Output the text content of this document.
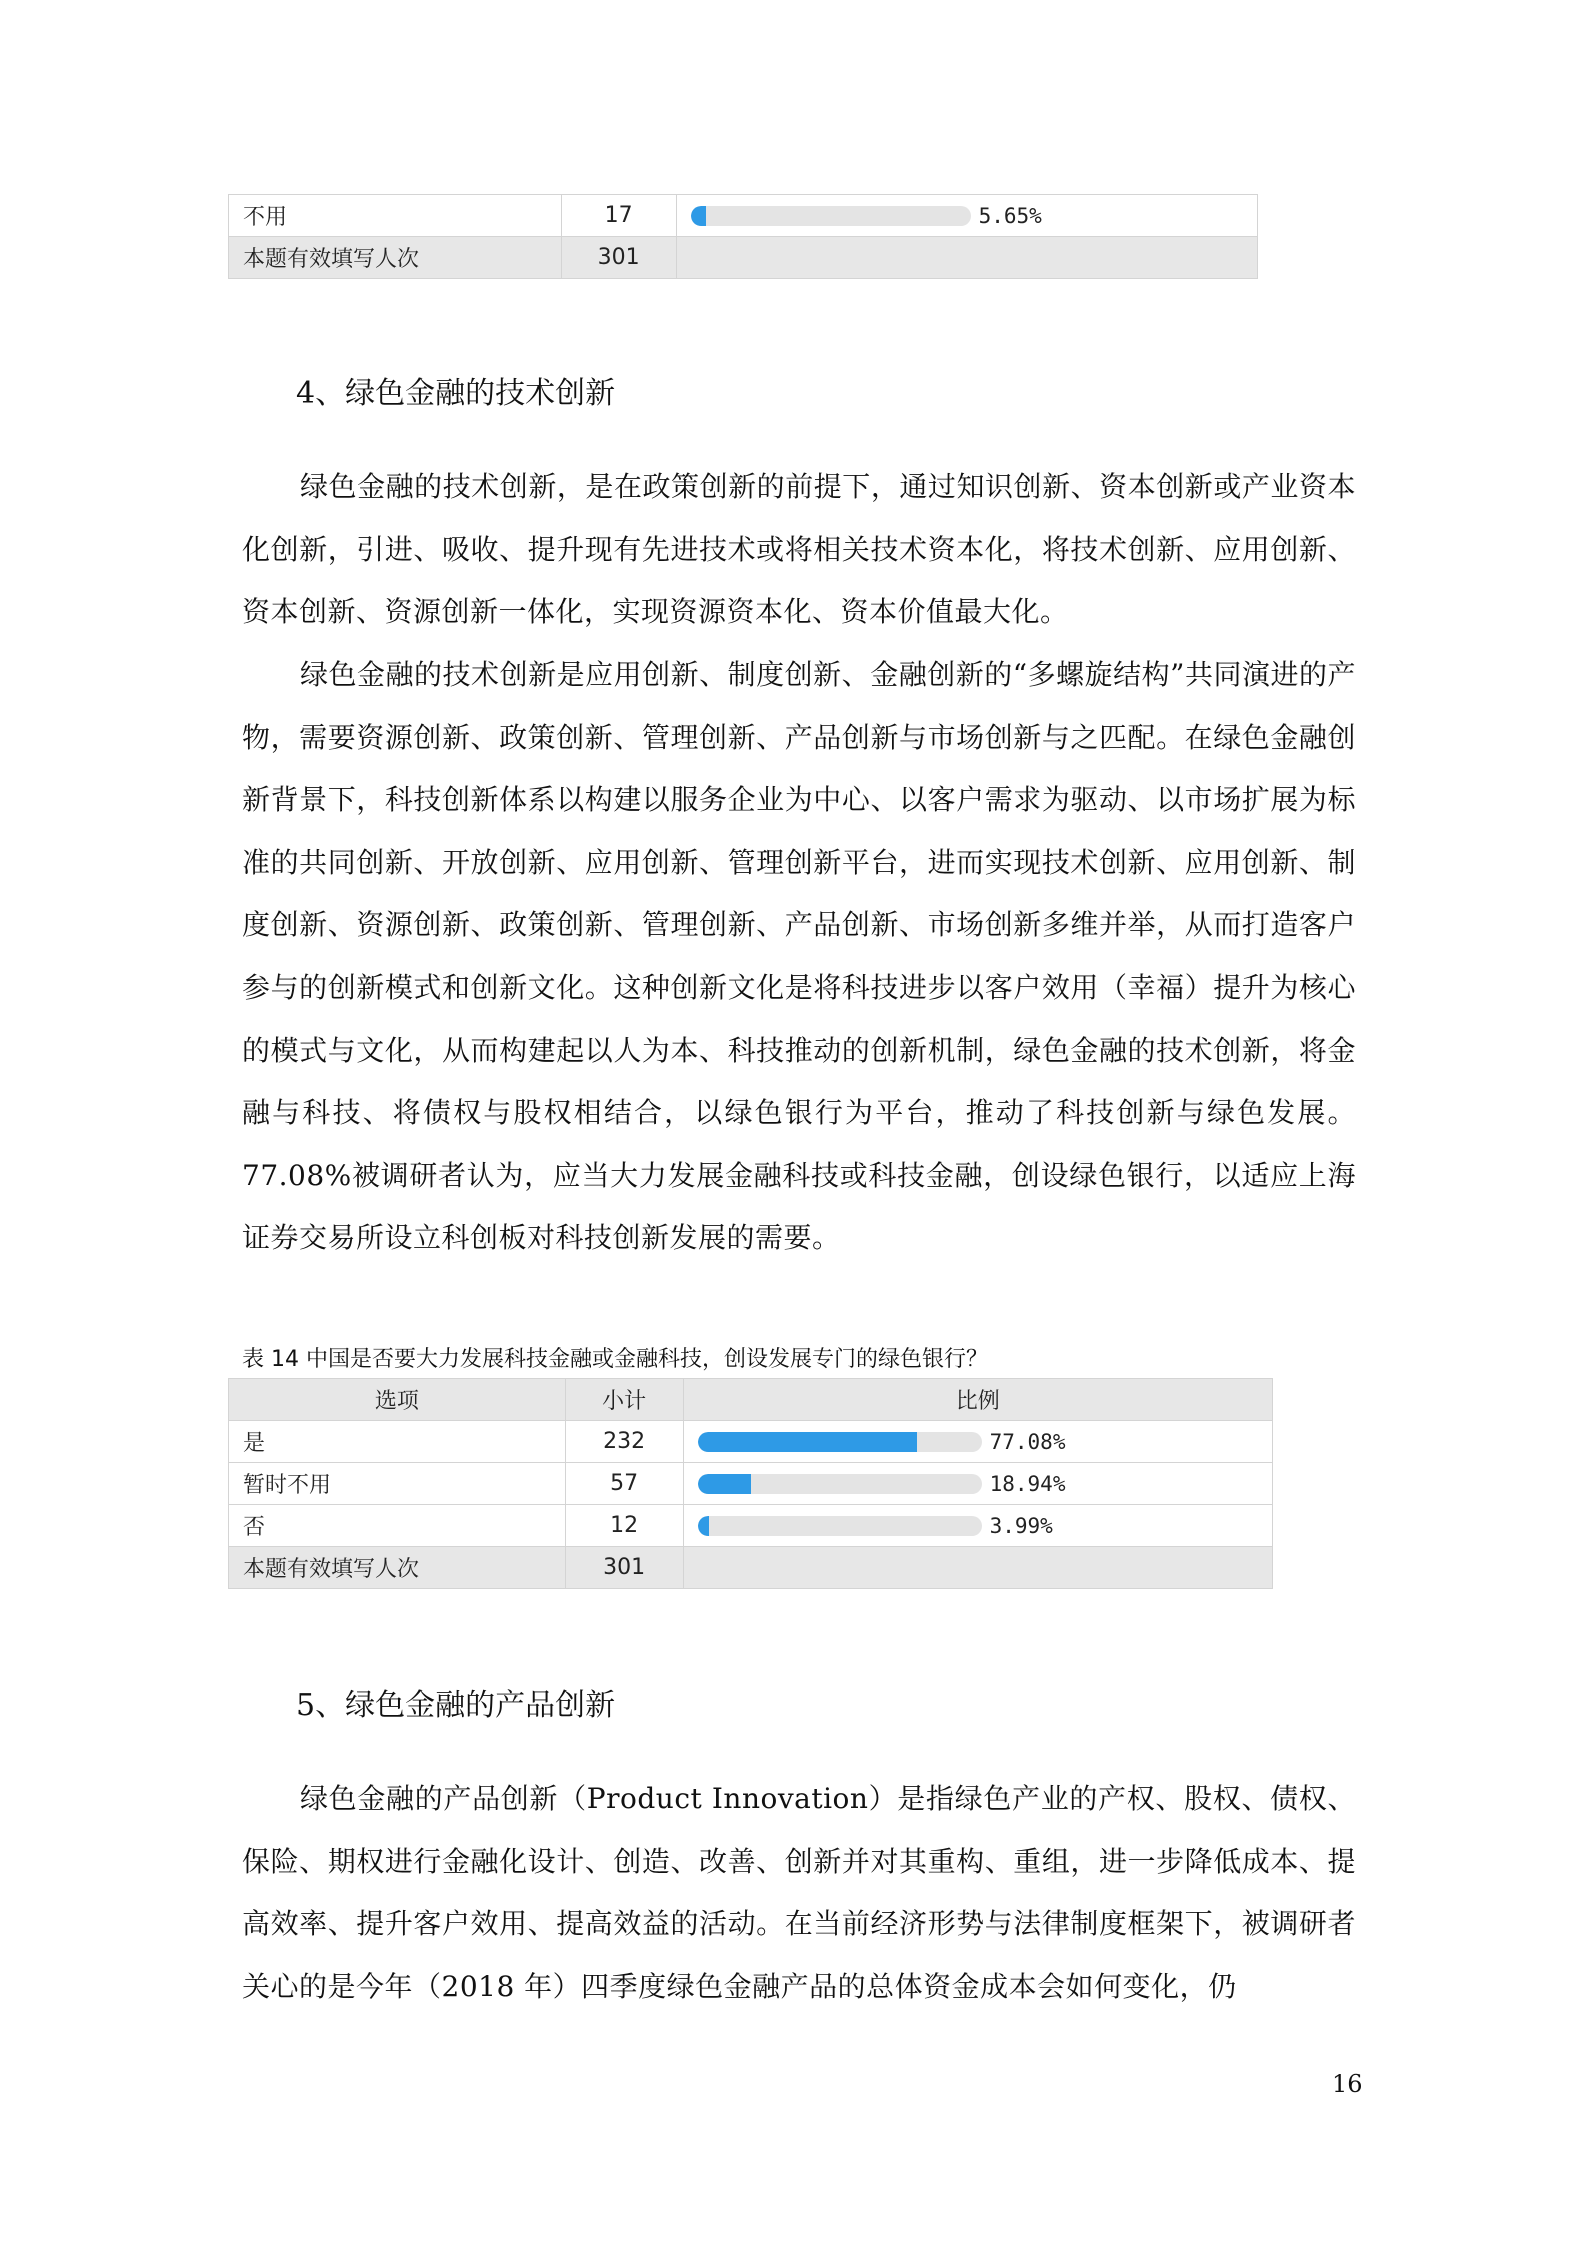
不用	17	5.65%

本题有效填写人次	301	
4、绿色金融的技术创新

绿色金融的技术创新，是在政策创新的前提下，通过知识创新、资本创新或产业资本化创新，引进、吸收、提升现有先进技术或将相关技术资本化，将技术创新、应用创新、资本创新、资源创新一体化，实现资源资本化、资本价值最大化。

绿色金融的技术创新是应用创新、制度创新、金融创新的“多螺旋结构”共同演进的产物，需要资源创新、政策创新、管理创新、产品创新与市场创新与之匹配。在绿色金融创新背景下，科技创新体系以构建以服务企业为中心、以客户需求为驱动、以市场扩展为标准的共同创新、开放创新、应用创新、管理创新平台，进而实现技术创新、应用创新、制度创新、资源创新、政策创新、管理创新、产品创新、市场创新多维并举，从而打造客户参与的创新模式和创新文化。这种创新文化是将科技进步以客户效用（幸福）提升为核心的模式与文化，从而构建起以人为本、科技推动的创新机制，绿色金融的技术创新，将金融与科技、将债权与股权相结合，以绿色银行为平台，推动了科技创新与绿色发展。77.08%被调研者认为，应当大力发展金融科技或科技金融，创设绿色银行，以适应上海证券交易所设立科创板对科技创新发展的需要。

表 14 中国是否要大力发展科技金融或金融科技，创设发展专门的绿色银行？
选项	小计	比例
是	232	77.08%

暂时不用	57	18.94%

否	12	3.99%

本题有效填写人次	301	
5、绿色金融的产品创新

绿色金融的产品创新（Product Innovation）是指绿色产业的产权、股权、债权、保险、期权进行金融化设计、创造、改善、创新并对其重构、重组，进一步降低成本、提高效率、提升客户效用、提高效益的活动。在当前经济形势与法律制度框架下，被调研者关心的是今年（2018 年）四季度绿色金融产品的总体资金成本会如何变化，仍

16
